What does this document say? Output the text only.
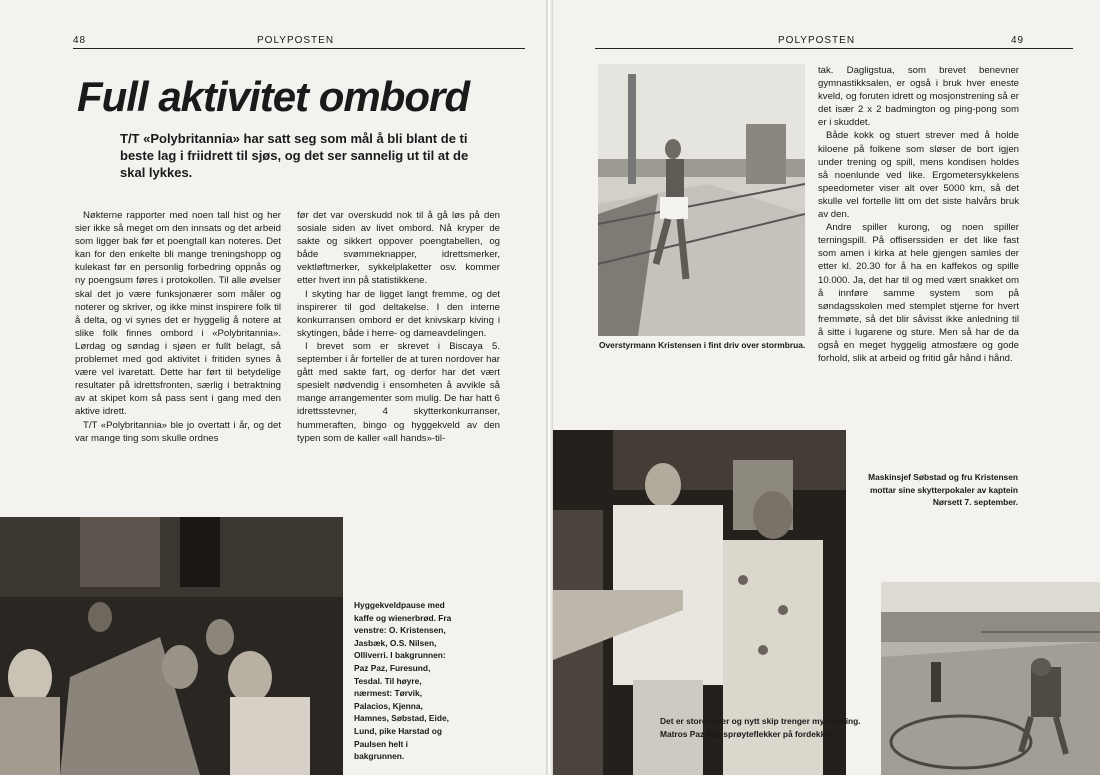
48	POLYPOSTEN
Full aktivitet ombord
T/T «Polybritannia» har satt seg som mål å bli blant de ti beste lag i friidrett til sjøs, og det ser sannelig ut til at de skal lykkes.

Nøkterne rapporter med noen tall hist og her sier ikke så meget om den innsats og det arbeid som ligger bak før et poengtall kan noteres. Det kan for den enkelte bli mange treningshopp og kulekast før en personlig forbedring oppnås og ny poengsum føres i protokollen. Til alle øvelser skal det jo være funksjonærer som måler og noterer og skriver, og ikke minst inspirere folk til å delta, og vi synes det er hyggelig å notere at slike folk finnes ombord i «Polybritannia». Lørdag og søndag i sjøen er fullt belagt, så problemet med god aktivitet i fritiden synes å være vel ivaretatt. Dette har ført til betydelige resultater på idrettsfronten, særlig i betraktning av at skipet kom så pass sent i gang med den aktive idrett.

T/T «Polybritannia» ble jo overtatt i år, og det var mange ting som skulle ordnes

før det var overskudd nok til å gå løs på den sosiale siden av livet ombord. Nå kryper de sakte og sikkert oppover poengtabellen, og både svømmeknapper, idrettsmerker, vektløftmerker, sykkelplaketter osv. kommer etter hvert inn på statistikkene.

I skyting har de ligget langt fremme, og det inspirerer til god deltakelse. I den interne konkurransen ombord er det knivskarp kiving i skytingen, både i herre- og dameavdelingen.

I brevet som er skrevet i Biscaya 5. september i år forteller de at turen nordover har gått med sakte fart, og derfor har det vært spesielt nødvendig i ensomheten å avvikle så mange arrangementer som mulig. De har hatt 6 idrettsstevner, 4 skytterkonkurranser, hummeraften, bingo og hyggekveld av den typen som de kaller «all hands»-til-

Hyggekveldpause med kaffe og wienerbrød. Fra venstre: O. Kristensen, Jasbæk, O.S. Nilsen, Olliverri. I bakgrunnen: Paz Paz, Furesund, Tesdal. Til høyre, nærmest: Tørvik, Palacios, Kjenna, Hamnes, Søbstad, Eide, Lund, pike Harstad og Paulsen helt i bakgrunnen.
POLYPOSTEN	49
Overstyrmann Kristensen i fint driv over stormbrua.

tak. Dagligstua, som brevet benevner gymnastikksalen, er også i bruk hver eneste kveld, og foruten idrett og mosjonstrening så er det især 2 x 2 badmington og ping-pong som er i skuddet.

Både kokk og stuert strever med å holde kiloene på folkene som sløser de bort igjen under trening og spill, mens kondisen holdes så noenlunde ved like. Ergometersykkelens speedometer viser alt over 5000 km, så det skulle vel fortelle litt om det siste halvårs bruk av den.

Andre spiller kurong, og noen spiller terningspill. På offiserssiden er det like fast som amen i kirka at hele gjengen samles der etter kl. 20.30 for å ha en kaffekos og spille 10.000. Ja, det har til og med vært snakket om å innføre samme system som på søndagsskolen med stemplet stjerne for hvert fremmøte, så det blir såvisst ikke anledning til å sitte i lugarene og sture. Men så har de da også en meget hyggelig atmosfære og gode forhold, slik at arbeid og fritid går hånd i hånd.

Maskinsjef Søbstad og fru Kristensen mottar sine skytterpokaler av kaptein Nørsett 7. september.
Det er store flater og nytt skip trenger mye maling. Matros Paz Paz sprøyteflekker på fordekket.
